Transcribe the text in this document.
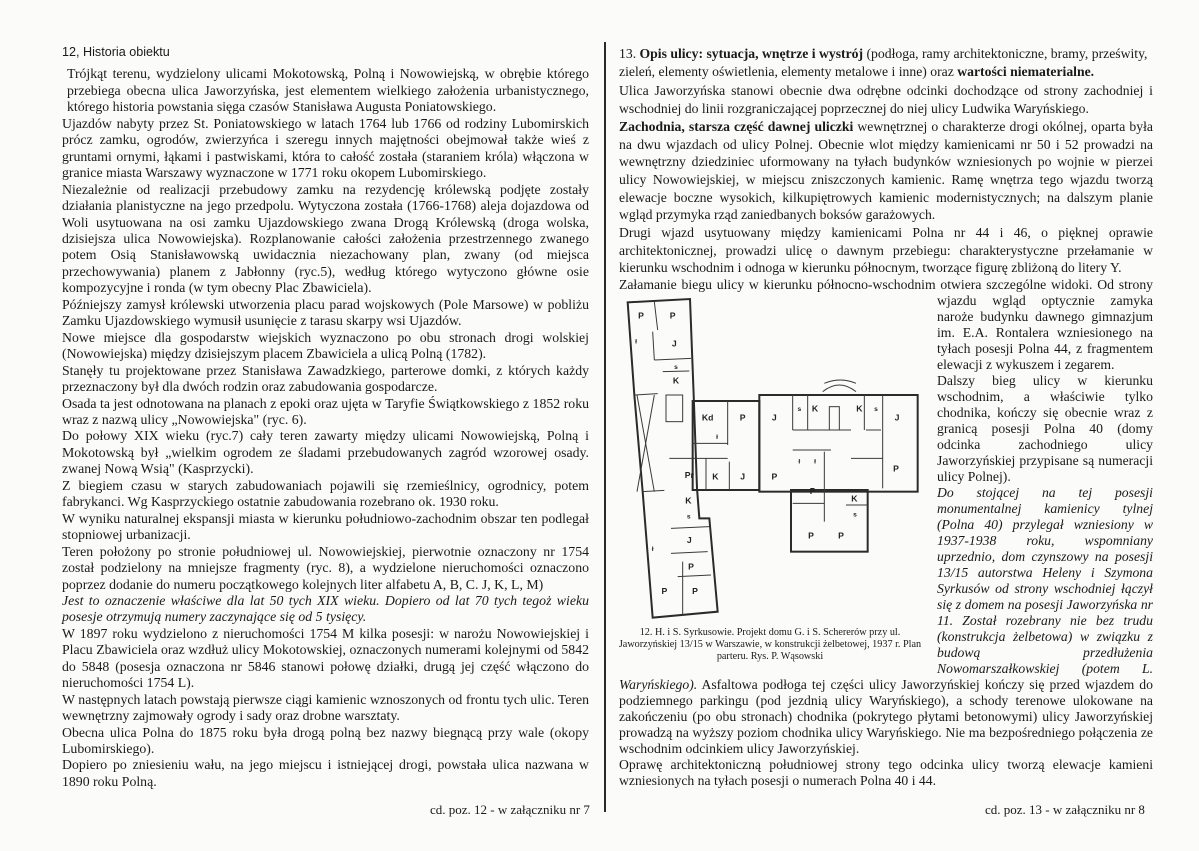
12, Historia obiektu

Trójkąt terenu, wydzielony ulicami Mokotowską, Polną i Nowowiejską, w obrębie którego przebiega obecna ulica Jaworzyńska, jest elementem wielkiego założenia urbanistycznego, którego historia powstania sięga czasów Stanisława Augusta Poniatowskiego.

Ujazdów nabyty przez St. Poniatowskiego w latach 1764 lub 1766 od rodziny Lubomirskich prócz zamku, ogrodów, zwierzyńca i szeregu innych majętności obejmował także wieś z gruntami ornymi, łąkami i pastwiskami, która to całość została (staraniem króla) włączona w granice miasta Warszawy wyznaczone w 1771 roku okopem Lubomirskiego.

Niezależnie od realizacji przebudowy zamku na rezydencję królewską podjęte zostały działania planistyczne na jego przedpolu. Wytyczona została (1766-1768) aleja dojazdowa od Woli usytuowana na osi zamku Ujazdowskiego zwana Drogą Królewską (droga wolska, dzisiejsza ulica Nowowiejska). Rozplanowanie całości założenia przestrzennego zwanego potem Osią Stanisławowską uwidacznia niezachowany plan, zwany (od miejsca przechowywania) planem z Jabłonny (ryc.5), według którego wytyczono główne osie kompozycyjne i ronda (w tym obecny Plac Zbawiciela).

Późniejszy zamysł królewski utworzenia placu parad wojskowych (Pole Marsowe) w pobliżu Zamku Ujazdowskiego wymusił usunięcie z tarasu skarpy wsi Ujazdów.

Nowe miejsce dla gospodarstw wiejskich wyznaczono po obu stronach drogi wolskiej (Nowowiejska) między dzisiejszym placem Zbawiciela a ulicą Polną (1782).

Stanęły tu projektowane przez Stanisława Zawadzkiego, parterowe domki, z których każdy przeznaczony był dla dwóch rodzin oraz zabudowania gospodarcze.

Osada ta jest odnotowana na planach z epoki oraz ujęta w Taryfie Świątkowskiego z 1852 roku wraz z nazwą ulicy „Nowowiejska" (ryc. 6).

Do połowy XIX wieku (ryc.7) cały teren zawarty między ulicami Nowowiejską, Polną i Mokotowską był „wielkim ogrodem ze śladami przebudowanych zagród wzorowej osady. zwanej Nową Wsią" (Kasprzycki).

Z biegiem czasu w starych zabudowaniach pojawili się rzemieślnicy, ogrodnicy, potem fabrykanci. Wg Kasprzyckiego ostatnie zabudowania rozebrano ok. 1930 roku.

W wyniku naturalnej ekspansji miasta w kierunku południowo-zachodnim obszar ten podlegał stopniowej urbanizacji.

Teren położony po stronie południowej ul. Nowowiejskiej, pierwotnie oznaczony nr 1754 został podzielony na mniejsze fragmenty (ryc. 8), a wydzielone nieruchomości oznaczono poprzez dodanie do numeru początkowego kolejnych liter alfabetu A, B, C. J, K, L, M)

Jest to oznaczenie właściwe dla lat 50 tych XIX wieku. Dopiero od lat 70 tych tegoż wieku posesje otrzymują numery zaczynające się od 5 tysięcy.

W 1897 roku wydzielono z nieruchomości 1754 M kilka posesji: w narożu Nowowiejskiej i Placu Zbawiciela oraz wzdłuż ulicy Mokotowskiej, oznaczonych numerami kolejnymi od 5842 do 5848 (posesja oznaczona nr 5846 stanowi połowę działki, drugą jej część włączono do nieruchomości 1754 L).

W następnych latach powstają pierwsze ciągi kamienic wznoszonych od frontu tych ulic. Teren wewnętrzny zajmowały ogrody i sady oraz drobne warsztaty.

Obecna ulica Polna do 1875 roku była drogą polną bez nazwy biegnącą przy wale (okopy Lubomirskiego).

Dopiero po zniesieniu wału, na jego miejscu i istniejącej drogi, powstała ulica nazwana w 1890 roku Polną.

13. Opis ulicy: sytuacja, wnętrze i wystrój (podłoga, ramy architektoniczne, bramy, prześwity, zieleń, elementy oświetlenia, elementy metalowe i inne) oraz wartości niematerialne.

Ulica Jaworzyńska stanowi obecnie dwa odrębne odcinki dochodzące od strony zachodniej i wschodniej do linii rozgraniczającej poprzecznej do niej ulicy Ludwika Waryńskiego.

Zachodnia, starsza część dawnej uliczki wewnętrznej o charakterze drogi okólnej, oparta była na dwu wjazdach od ulicy Polnej. Obecnie wlot między kamienicami nr 50 i 52 prowadzi na wewnętrzny dziedziniec uformowany na tyłach budynków wzniesionych po wojnie w pierzei ulicy Nowowiejskiej, w miejscu zniszczonych kamienic. Ramę wnętrza tego wjazdu tworzą elewacje boczne wysokich, kilkupiętrowych kamienic modernistycznych; na dalszym planie wgląd przymyka rząd zaniedbanych boksów garażowych.

Drugi wjazd usytuowany między kamienicami Polna nr 44 i 46, o pięknej oprawie architektonicznej, prowadzi ulicę o dawnym przebiegu: charakterystyczne przełamanie w kierunku wschodnim i odnoga w kierunku północnym, tworzące figurę zbliżoną do litery Y.

Załamanie biegu ulicy w kierunku północno-wschodnim otwiera szczególne widoki. Od
P P
J
s
K
Kd P
ł
J
s K K s
J
Pr K J P
ł ł
P
P
K
s
P P
K
s
J
P
P P
ł
ł
12. H. i S. Syrkusowie. Projekt domu G. i S. Schererów przy ul. Jaworzyńskiej 13/15 w Warszawie, w konstrukcji żelbetowej, 1937 r. Plan parteru. Rys. P. Wąsowski
strony wjazdu wgląd optycznie zamyka naroże budynku dawnego gimnazjum im. E.A. Rontalera wzniesionego na tyłach posesji Polna 44, z fragmentem elewacji z wykuszem i zegarem.

Dalszy bieg ulicy w kierunku wschodnim, a właściwie tylko chodnika, kończy się obecnie wraz z granicą posesji Polna 40 (domy odcinka zachodniego ulicy Jaworzyńskiej przypisane są numeracji ulicy Polnej).

Do stojącej na tej posesji monumentalnej kamienicy tylnej (Polna 40) przylegał wzniesiony w 1937-1938 roku, wspomniany uprzednio, dom czynszowy na posesji 13/15 autorstwa Heleny i Szymona Syrkusów od strony wschodniej łączył się z domem na posesji Jaworzyńska nr 11. Został rozebrany nie bez trudu (konstrukcja żelbetowa) w związku z budową przedłużenia Nowomarszałkowskiej (potem L. Waryńskiego). Asfaltowa podłoga tej części ulicy Jaworzyńskiej kończy się przed wjazdem do podziemnego parkingu (pod jezdnią ulicy Waryńskiego), a schody terenowe ulokowane na zakończeniu (po obu stronach) chodnika (pokrytego płytami betonowymi) ulicy Jaworzyńskiej prowadzą na wyższy poziom chodnika ulicy Waryńskiego. Nie ma bezpośredniego połączenia ze wschodnim odcinkiem ulicy Jaworzyńskiej.

Oprawę architektoniczną południowej strony tego odcinka ulicy tworzą elewacje kamieni wzniesionych na tyłach posesji o numerach Polna 40 i 44.

cd. poz. 12 - w załączniku nr 7	cd. poz. 13 - w załączniku nr 8
